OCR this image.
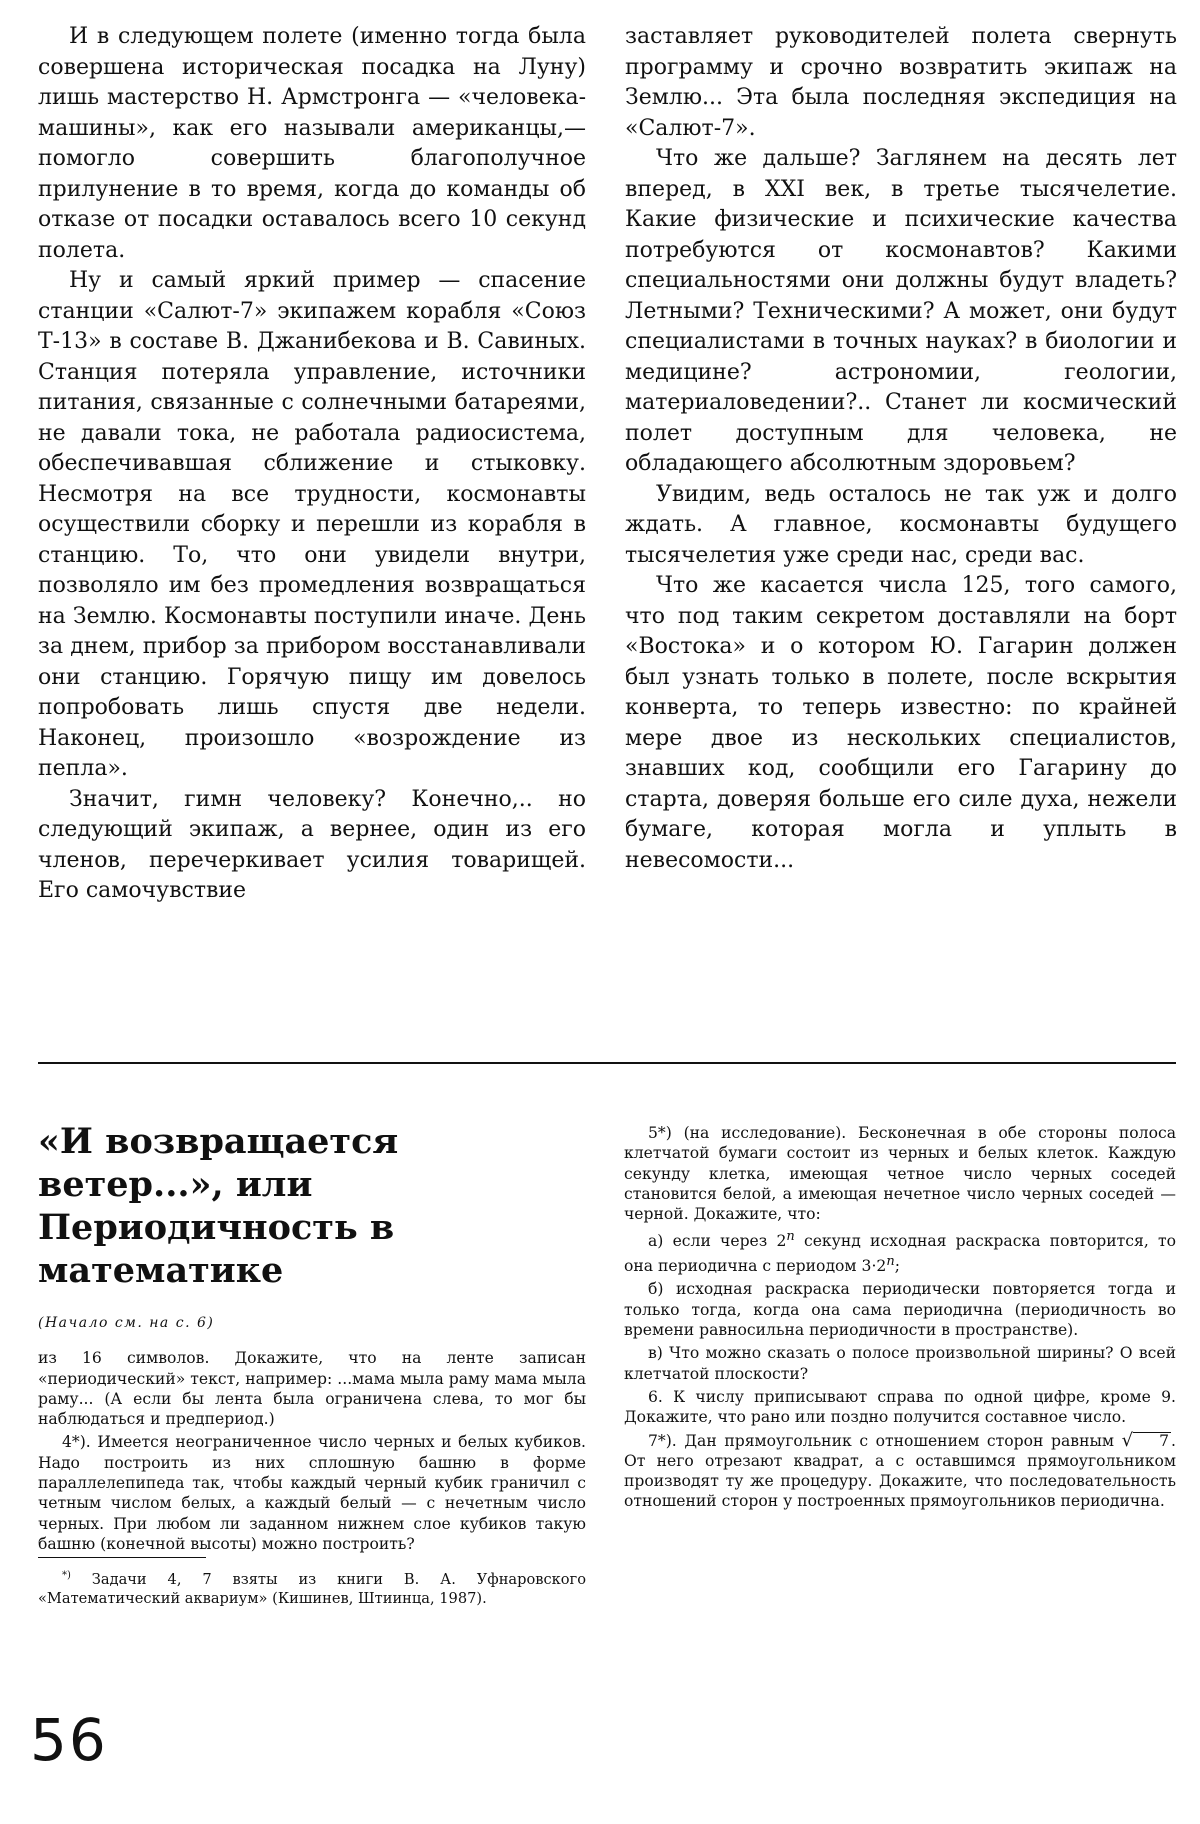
И в следующем полете (именно тогда была совершена историческая посадка на Луну) лишь мастерство Н. Армстронга — «человека-машины», как его называли американцы,— помогло совершить благополучное прилунение в то время, когда до команды об отказе от посадки оставалось всего 10 секунд полета.

Ну и самый яркий пример — спасение станции «Салют-7» экипажем корабля «Союз Т-13» в составе В. Джанибекова и В. Савиных. Станция потеряла управление, источники питания, связанные с солнечными батареями, не давали тока, не работала радиосистема, обеспечивавшая сближение и стыковку. Несмотря на все трудности, космонавты осуществили сборку и перешли из корабля в станцию. То, что они увидели внутри, позволяло им без промедления возвращаться на Землю. Космонавты поступили иначе. День за днем, прибор за прибором восстанавливали они станцию. Горячую пищу им довелось попробовать лишь спустя две недели. Наконец, произошло «возрождение из пепла».

Значит, гимн человеку? Конечно,.. но следующий экипаж, а вернее, один из его членов, перечеркивает усилия товарищей. Его самочувствие

заставляет руководителей полета свернуть программу и срочно возвратить экипаж на Землю... Эта была последняя экспедиция на «Салют-7».

Что же дальше? Заглянем на десять лет вперед, в XXI век, в третье тысячелетие. Какие физические и психические качества потребуются от космонавтов? Какими специальностями они должны будут владеть? Летными? Техническими? А может, они будут специалистами в точных науках? в биологии и медицине? астрономии, геологии, материаловедении?.. Станет ли космический полет доступным для человека, не обладающего абсолютным здоровьем?

Увидим, ведь осталось не так уж и долго ждать. А главное, космонавты будущего тысячелетия уже среди нас, среди вас.

Что же касается числа 125, того самого, что под таким секретом доставляли на борт «Востока» и о котором Ю. Гагарин должен был узнать только в полете, после вскрытия конверта, то теперь известно: по крайней мере двое из нескольких специалистов, знавших код, сообщили его Гагарину до старта, доверяя больше его силе духа, нежели бумаге, которая могла и уплыть в невесомости...

«И возвращается ветер...», или Периодичность в математике
(Начало см. на с. 6)

из 16 символов. Докажите, что на ленте записан «периодический» текст, например: ...мама мыла раму мама мыла раму... (А если бы лента была ограничена слева, то мог бы наблюдаться и предпериод.)

4*). Имеется неограниченное число черных и белых кубиков. Надо построить из них сплошную башню в форме параллелепипеда так, чтобы каждый черный кубик граничил с четным числом белых, а каждый белый — с нечетным число черных. При любом ли заданном нижнем слое кубиков такую башню (конечной высоты) можно построить?

*) Задачи 4, 7 взяты из книги В. А. Уфнаровского «Математический аквариум» (Кишинев, Штиинца, 1987).

5*) (на исследование). Бесконечная в обе стороны полоса клетчатой бумаги состоит из черных и белых клеток. Каждую секунду клетка, имеющая четное число черных соседей становится белой, а имеющая нечетное число черных соседей — черной. Докажите, что:

а) если через 2$^n$ секунд исходная раскраска повторится, то она периодична с периодом $3\cdot 2^n$;

б) исходная раскраска периодически повторяется тогда и только тогда, когда она сама периодична (периодичность во времени равносильна периодичности в пространстве).

в) Что можно сказать о полосе произвольной ширины? О всей клетчатой плоскости?

6. К числу приписывают справа по одной цифре, кроме 9. Докажите, что рано или поздно получится составное число.

7*). Дан прямоугольник с отношением сторон равным √ 7 . От него отрезают квадрат, а с оставшимся прямоугольником производят ту же процедуру. Докажите, что последовательность отношений сторон у построенных прямоугольников периодична.

56
